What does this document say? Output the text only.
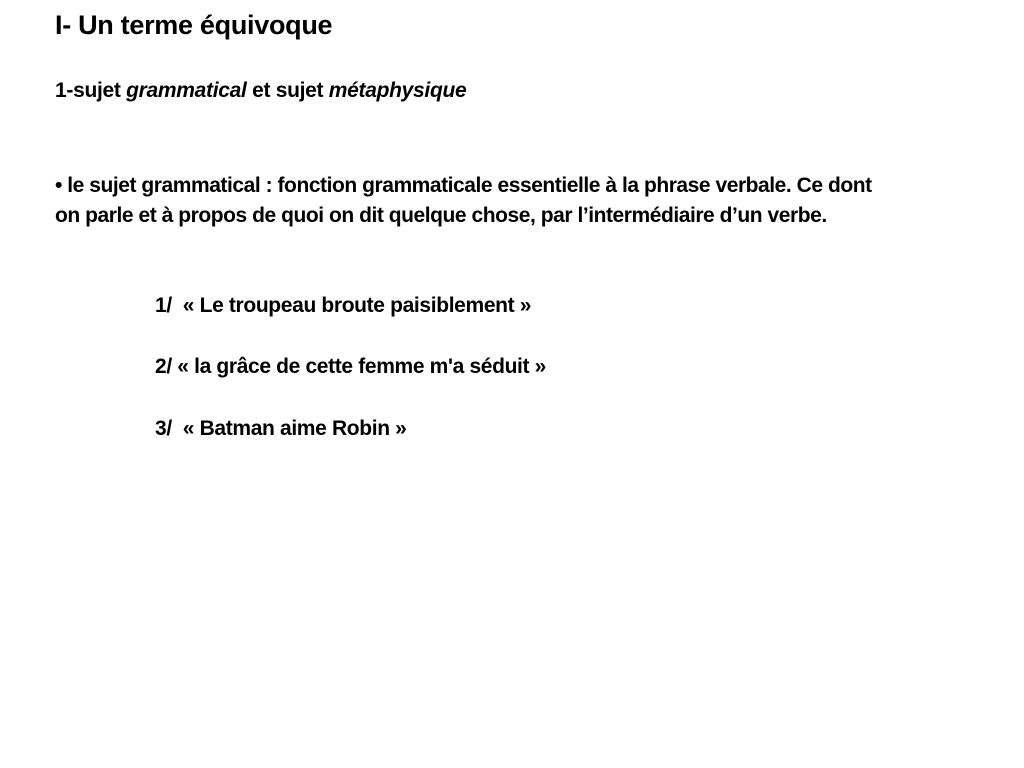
I- Un terme équivoque

1-sujet grammatical et sujet métaphysique

• le sujet grammatical : fonction grammaticale essentielle à la phrase verbale. Ce dont
on parle et à propos de quoi on dit quelque chose, par l’intermédiaire d’un verbe.

1/  « Le troupeau broute paisiblement »

2/ « la grâce de cette femme m'a séduit »

3/  « Batman aime Robin »
